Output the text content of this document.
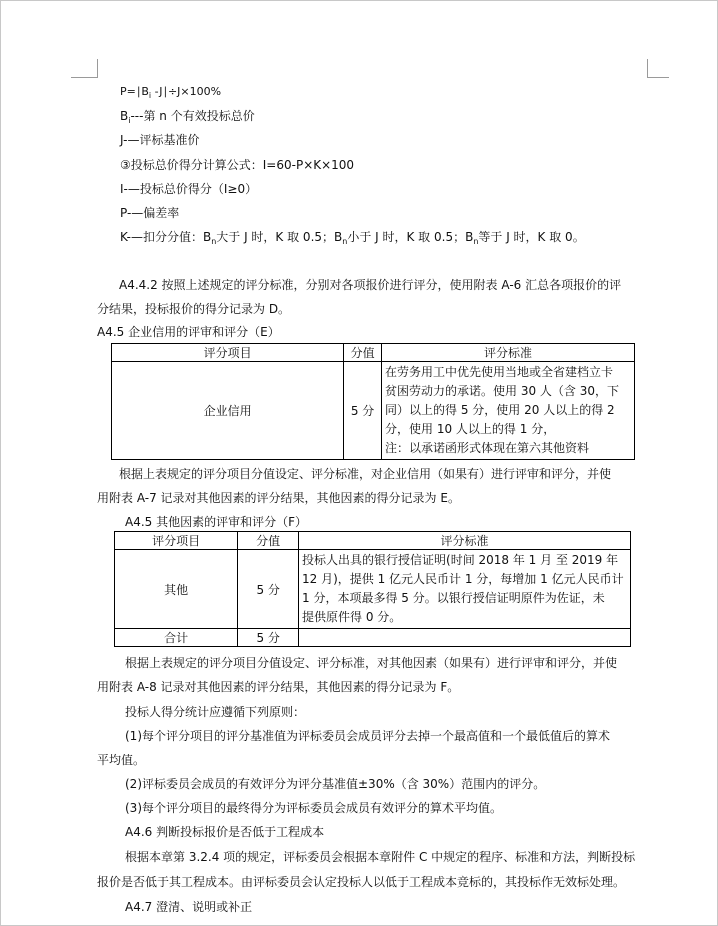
$P=∣B_i$ -J∣÷J×100%
$B_i---$第 n 个有效投标总价
J-—评标基准价
③投标总价得分计算公式：Ⅰ=60-P×K×100
Ⅰ-—投标总价得分（Ⅰ≥0）
P-—偏差率
K-—扣分分值：$B_n$大于 J 时，K 取 0.5；$B_n$小于 J 时，K 取 0.5；$B_n$等于 J 时，K 取 0。
A4.4.2 按照上述规定的评分标准，分别对各项报价进行评分，使用附表 A-6 汇总各项报价的评
分结果，投标报价的得分记录为 D。
A4.5 企业信用的评审和评分（E）
评分项目	分值	评分标准
企业信用	5 分	在劳务用工中优先使用当地或全省建档立卡
贫困劳动力的承诺。使用 30 人（含 30，下
同）以上的得 5 分，使用 20 人以上的得 2
分，使用 10 人以上的得 1 分，
注：以承诺函形式体现在第六其他资料
根据上表规定的评分项目分值设定、评分标准，对企业信用（如果有）进行评审和评分，并使
用附表 A-7 记录对其他因素的评分结果，其他因素的得分记录为 E。
A4.5 其他因素的评审和评分（F）
评分项目	分值	评分标准
其他	5 分	投标人出具的银行授信证明(时间 2018 年 1 月 至 2019 年
12 月)，提供 1 亿元人民币计 1 分，每增加 1 亿元人民币计
1 分，本项最多得 5 分。以银行授信证明原件为佐证，未
提供原件得 0 分。

合计	5 分	
根据上表规定的评分项目分值设定、评分标准，对其他因素（如果有）进行评审和评分，并使
用附表 A-8 记录对其他因素的评分结果，其他因素的得分记录为 F。
投标人得分统计应遵循下列原则：
(1)每个评分项目的评分基准值为评标委员会成员评分去掉一个最高值和一个最低值后的算术
平均值。
(2)评标委员会成员的有效评分为评分基准值±30%（含 30%）范围内的评分。
(3)每个评分项目的最终得分为评标委员会成员有效评分的算术平均值。
A4.6 判断投标报价是否低于工程成本
根据本章第 3.2.4 项的规定，评标委员会根据本章附件 C 中规定的程序、标准和方法，判断投标
报价是否低于其工程成本。由评标委员会认定投标人以低于工程成本竞标的，其投标作无效标处理。
A4.7 澄清、说明或补正
